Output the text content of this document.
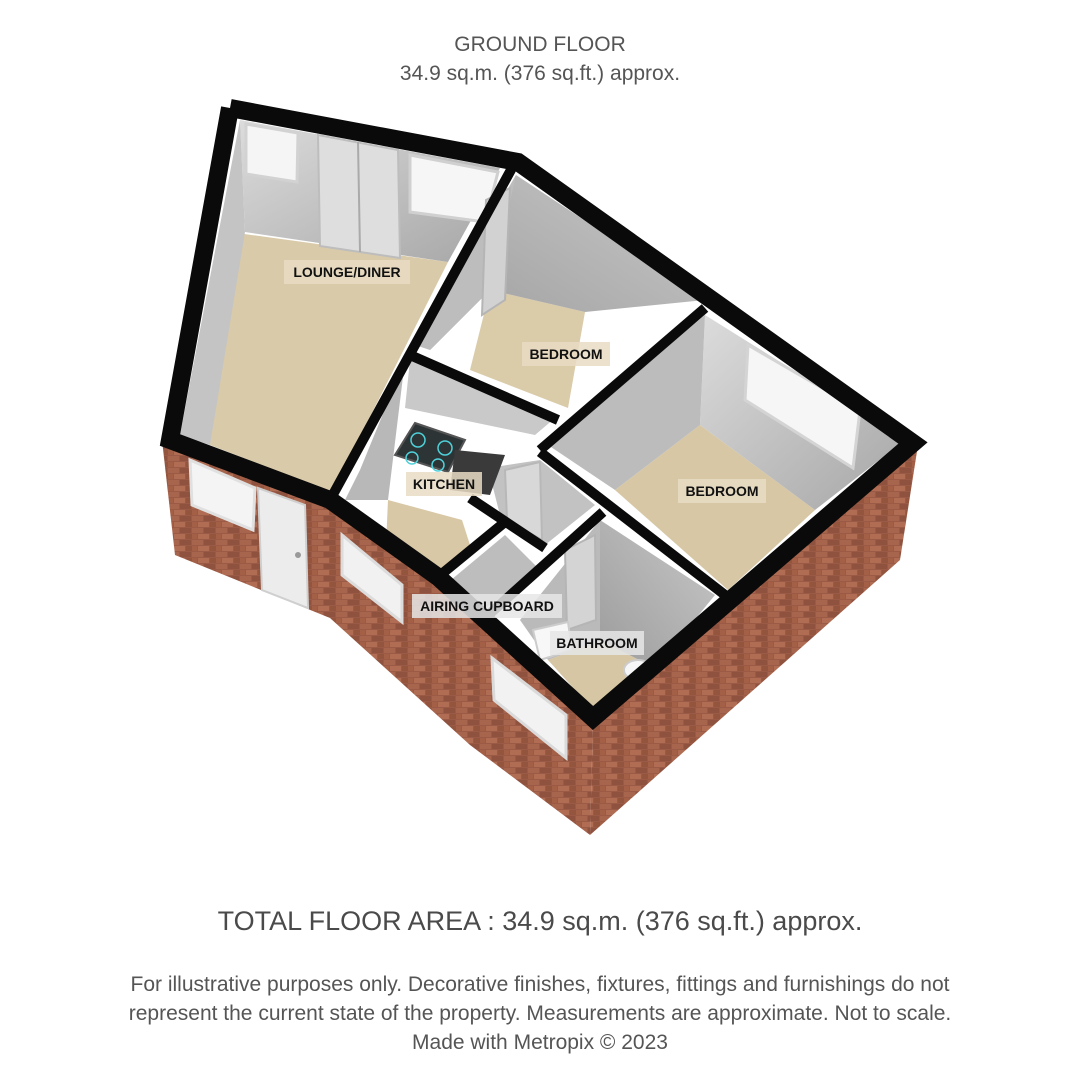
GROUND FLOOR
34.9 sq.m. (376 sq.ft.) approx.
LOUNGE/DINER
BEDROOM
KITCHEN	BEDROOM
AIRING CUPBOARD
BATHROOM
TOTAL FLOOR AREA : 34.9 sq.m. (376 sq.ft.) approx.
For illustrative purposes only. Decorative finishes, fixtures, fittings and furnishings do not
represent the current state of the property. Measurements are approximate. Not to scale.
Made with Metropix © 2023
